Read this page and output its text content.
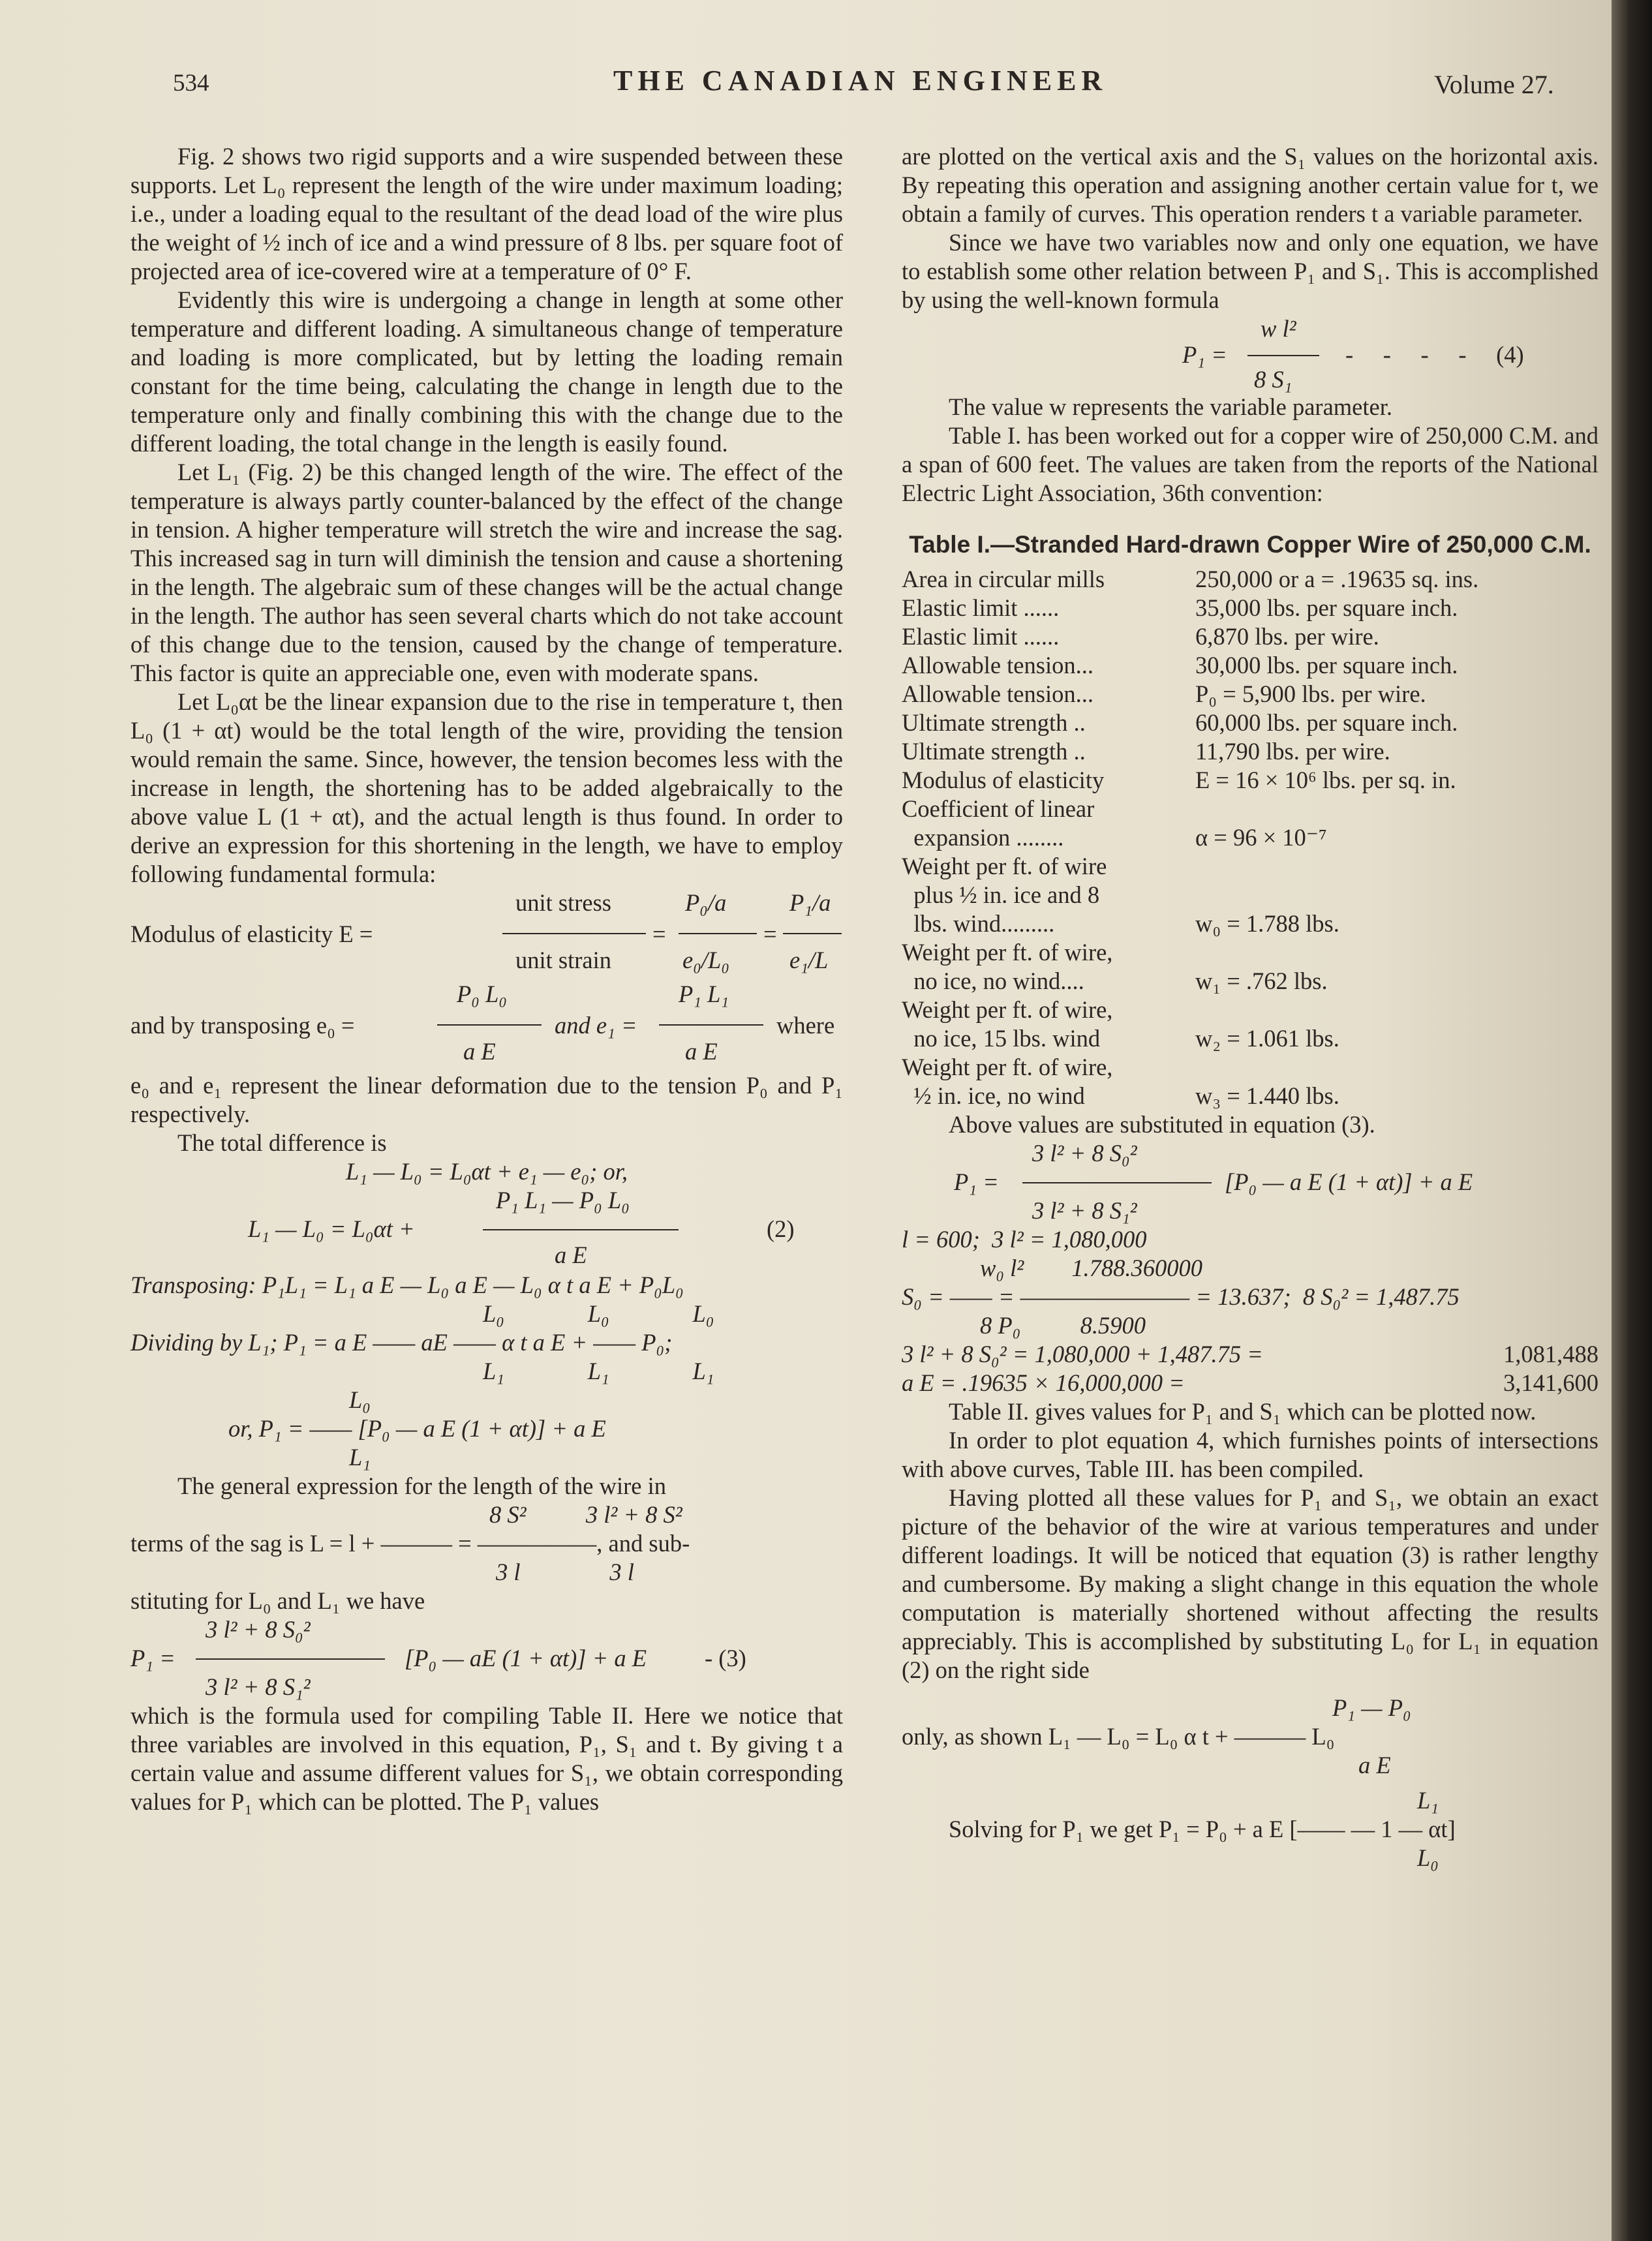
534	THE CANADIAN ENGINEER	Volume 27.

Fig. 2 shows two rigid supports and a wire suspended between these supports. Let L₀ represent the length of the wire under maximum loading; i.e., under a loading equal to the resultant of the dead load of the wire plus the weight of ½ inch of ice and a wind pressure of 8 lbs. per square foot of projected area of ice-covered wire at a temperature of 0° F.

Evidently this wire is undergoing a change in length at some other temperature and different loading. A simultaneous change of temperature and loading is more complicated, but by letting the loading remain constant for the time being, calculating the change in length due to the temperature only and finally combining this with the change due to the different loading, the total change in the length is easily found.

Let L₁ (Fig. 2) be this changed length of the wire. The effect of the temperature is always partly counter-balanced by the effect of the change in tension. A higher temperature will stretch the wire and increase the sag. This increased sag in turn will diminish the tension and cause a shortening in the length. The algebraic sum of these changes will be the actual change in the length. The author has seen several charts which do not take account of this change due to the tension, caused by the change of temperature. This factor is quite an appreciable one, even with moderate spans.

Let L₀αt be the linear expansion due to the rise in temperature t, then L₀ (1 + αt) would be the total length of the wire, providing the tension would remain the same. Since, however, the tension becomes less with the increase in length, the shortening has to be added algebraically to the above value L (1 + αt), and the actual length is thus found. In order to derive an expression for this shortening in the length, we have to employ following fundamental formula:

Modulus of elasticity E =
unit stress
unit strain
=
P₀/a
e₀/L₀
=
P₁/a
e₁/L
and by transposing e₀ =
P₀ L₀
a E
and e₁ =
P₁ L₁
a E
where

e₀ and e₁ represent the linear deformation due to the tension P₀ and P₁ respectively.

The total difference is

L₁ — L₀ = L₀αt + e₁ — e₀; or,

P₁ L₁ — P₀ L₀
L₁ — L₀ = L₀αt +
a E
(2)

Transposing: P₁L₁ = L₁ a E — L₀ a E — L₀ α t a E + P₀L₀

L₀              L₀              L₀

Dividing by L₁; P₁ = a E —— aE —— α t a E + —— P₀;

L₁              L₁              L₁

L₀

or, P₁ = —— [P₀ — a E (1 + αt)] + a E

L₁

The general expression for the length of the wire in

8 S²          3 l² + 8 S²

terms of the sag is L = l + ——— = —————, and sub-

3 l               3 l

stituting for L₀ and L₁ we have

3 l² + 8 S₀²
P₁ =
3 l² + 8 S₁²
[P₀ — aE (1 + αt)] + a E - (3)

which is the formula used for compiling Table II. Here we notice that three variables are involved in this equation, P₁, S₁ and t. By giving t a certain value and assume different values for S₁, we obtain corresponding values for P₁ which can be plotted. The P₁ values

are plotted on the vertical axis and the S₁ values on the horizontal axis. By repeating this operation and assigning another certain value for t, we obtain a family of curves. This operation renders t a variable parameter.

Since we have two variables now and only one equation, we have to establish some other relation between P₁ and S₁. This is accomplished by using the well-known formula

w l²
P₁ =
8 S₁
-     -     -     -     (4)

The value w represents the variable parameter.

Table I. has been worked out for a copper wire of 250,000 C.M. and a span of 600 feet. The values are taken from the reports of the National Electric Light Association, 36th convention:

Table I.—Stranded Hard-drawn Copper Wire of 250,000 C.M.
Area in circular mills	250,000 or a = .19635 sq. ins.
Elastic limit ......	35,000 lbs. per square inch.
Elastic limit ......	6,870 lbs. per wire.
Allowable tension...	30,000 lbs. per square inch.
Allowable tension...	P₀ = 5,900 lbs. per wire.
Ultimate strength ..	60,000 lbs. per square inch.
Ultimate strength ..	11,790 lbs. per wire.
Modulus of elasticity	E = 16 × 10⁶ lbs. per sq. in.
Coefficient of linear
expansion ........	α = 96 × 10⁻⁷
Weight per ft. of wire
plus ½ in. ice and 8
lbs. wind.........	w₀ = 1.788 lbs.
Weight per ft. of wire,
no ice, no wind....	w₁ = .762 lbs.
Weight per ft. of wire,
no ice, 15 lbs. wind	w₂ = 1.061 lbs.
Weight per ft. of wire,
½ in. ice, no wind	w₃ = 1.440 lbs.

Above values are substituted in equation (3).

3 l² + 8 S₀²
P₁ =
3 l² + 8 S₁²
[P₀ — a E (1 + αt)] + a E

l = 600;  3 l² = 1,080,000

w₀ l²        1.788.360000

S₀ = —— = ———————— = 13.637;  8 S₀² = 1,487.75

8 P₀          8.5900

3 l² + 8 S₀² = 1,080,000 + 1,487.75 =	1,081,488
a E = .19635 × 16,000,000 =	3,141,600

Table II. gives values for P₁ and S₁ which can be plotted now.

In order to plot equation 4, which furnishes points of intersections with above curves, Table III. has been compiled.

Having plotted all these values for P₁ and S₁, we obtain an exact picture of the behavior of the wire at various temperatures and under different loadings. It will be noticed that equation (3) is rather lengthy and cumbersome. By making a slight change in this equation the whole computation is materially shortened without affecting the results appreciably. This is accomplished by substituting L₀ for L₁ in equation (2) on the right side

P₁ — P₀

only, as shown L₁ — L₀ = L₀ α t + ——— L₀

a E

L₁

Solving for P₁ we get P₁ = P₀ + a E [—— — 1 — αt]

L₀
